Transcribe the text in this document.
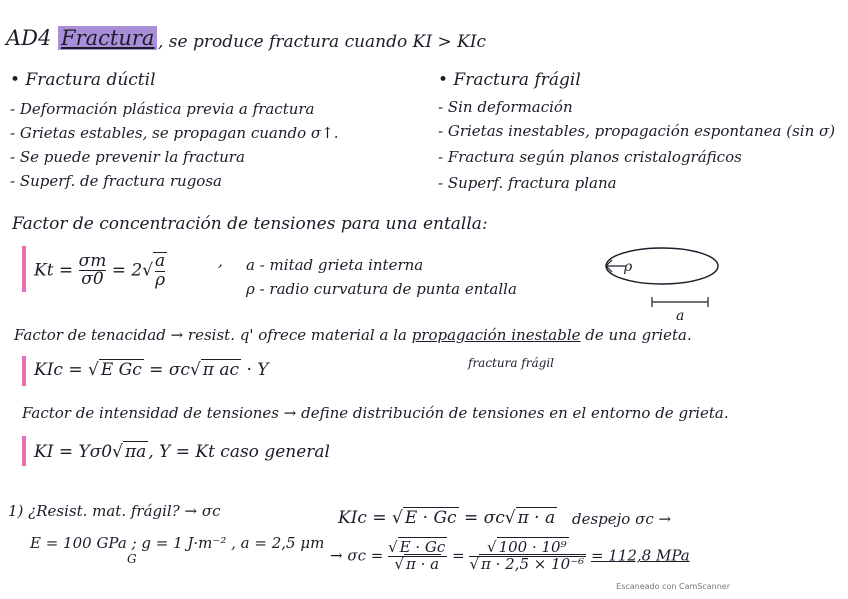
AD4 Fractura , se produce fractura cuando KⅠ > KⅠc
• Fractura dúctil
- Deformación plástica previa a fractura
- Grietas estables, se propagan cuando σ↑.
- Se puede prevenir la fractura
- Superf. de fractura rugosa
• Fractura frágil
- Sin deformación
- Grietas inestables, propagación espontanea (sin σ)
- Fractura según planos cristalográficos
- Superf. fractura plana
Factor de concentración de tensiones para una entalla:
$Kt = \frac{\sigma m}{\sigma 0} = 2√ \frac{a}{\rho}$	, a - mitad grieta interna
ρ - radio curvatura de punta entalla
ρ
a
Factor de tenacidad → resist. q' ofrece material a la propagación inestable de una grieta.
fractura frágil
KⅠc = √ E Gc = σc√ π ac · Y
Factor de intensidad de tensiones → define distribución de tensiones en el entorno de grieta.
KⅠ = Yσ0√ πa , Y = Kt caso general
1) ¿Resist. mat. frágil? → σc
E = 100 GPa ; g = 1 J·m⁻² , a = 2,5 μm
G
KⅠc = √ E · Gc = σc√ π · a despejo σc →
→ $\sigma c = \frac{√ E \cdot Gc}{√ \pi \cdot a} = \frac{\text{√ 100 · 10⁹}}{\text{√ π · 2,5 × 10⁻⁶}} = 112,8$ MPa
Escaneado con CamScanner
